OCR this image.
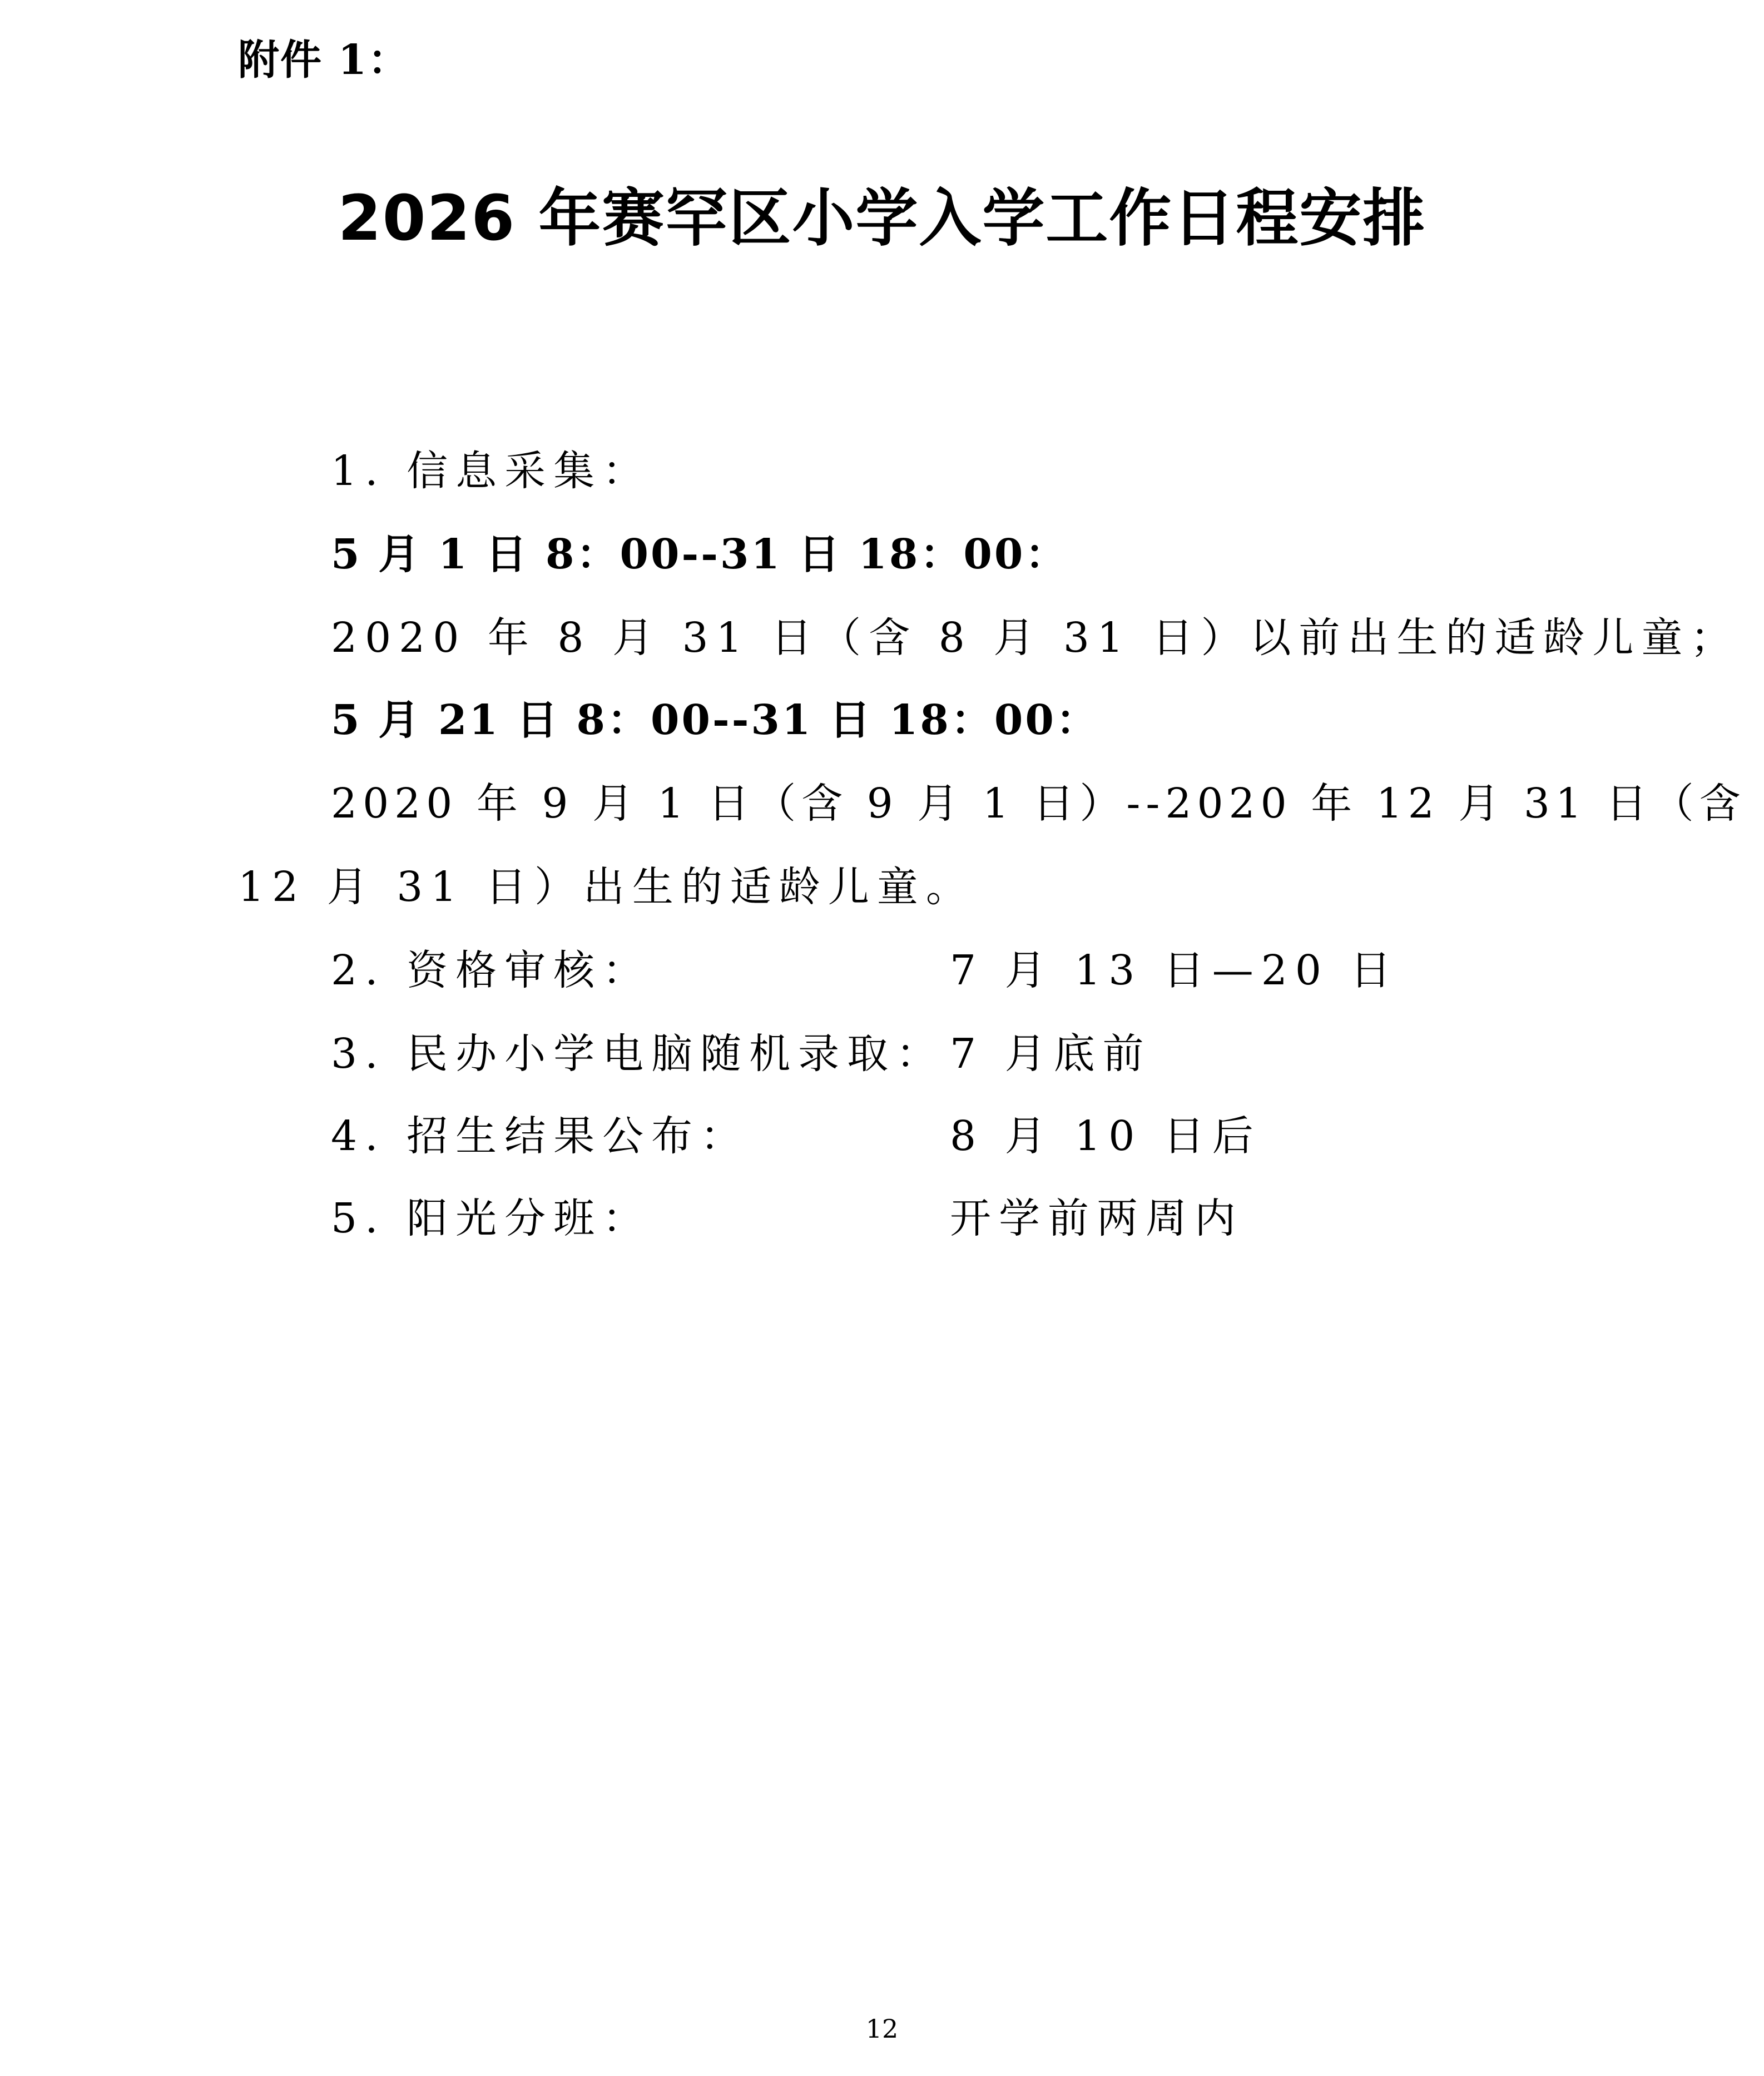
附件 1：
2026 年赛罕区小学入学工作日程安排
1. 信息采集：
5 月 1 日 8：00--31 日 18：00：
2020 年 8 月 31 日（含 8 月 31 日）以前出生的适龄儿童；
5 月 21 日 8：00--31 日 18：00：
2020 年 9 月 1 日（含 9 月 1 日）--2020 年 12 月 31 日（含
12 月 31 日）出生的适龄儿童。
2. 资格审核：	7 月 13 日—20 日
3. 民办小学电脑随机录取： 7 月底前
4. 招生结果公布：	8 月 10 日后
5. 阳光分班：	开学前两周内
12
